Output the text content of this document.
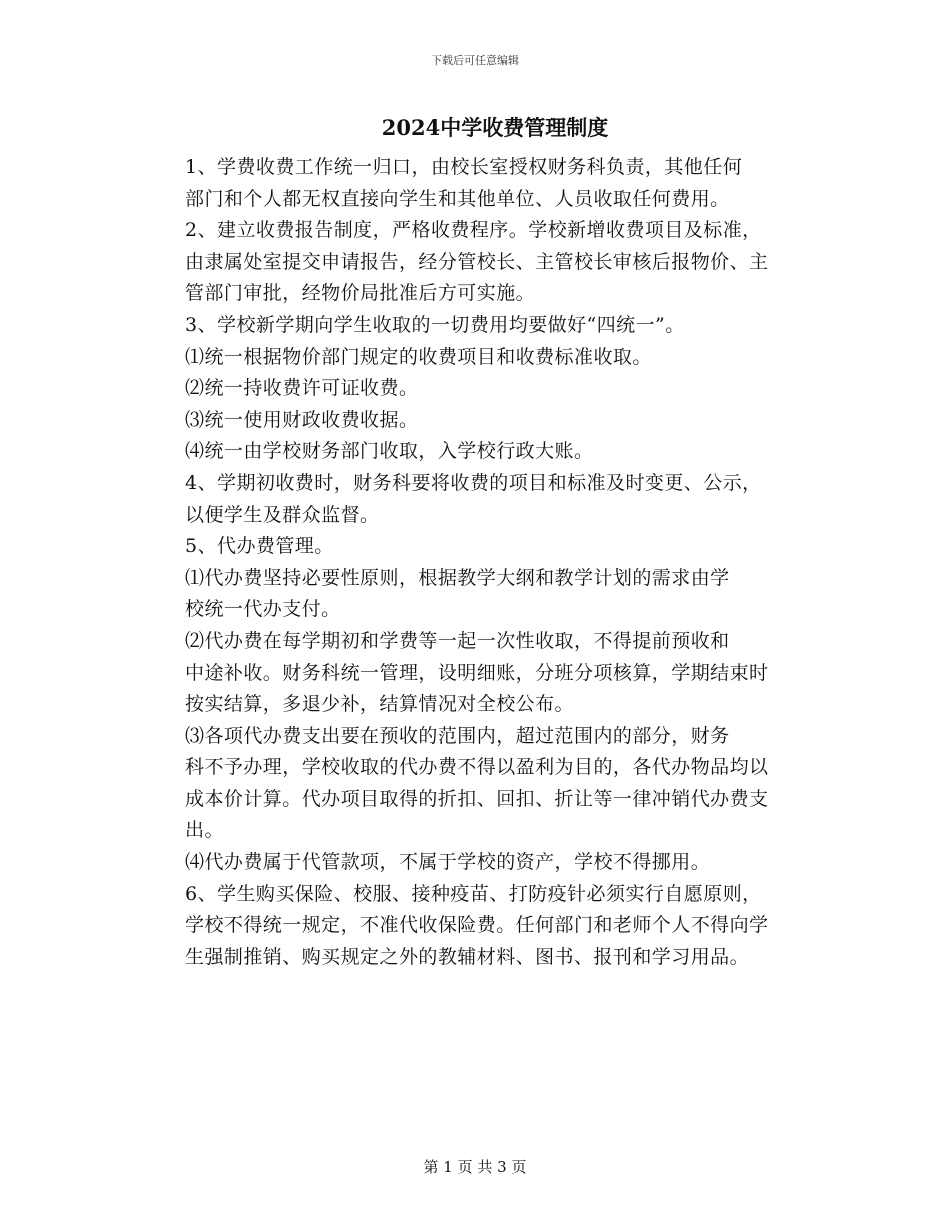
下载后可任意编辑
2024中学收费管理制度

1、学费收费工作统一归口，由校长室授权财务科负责，其他任何
部门和个人都无权直接向学生和其他单位、人员收取任何费用。

2、建立收费报告制度，严格收费程序。学校新增收费项目及标准，
由隶属处室提交申请报告，经分管校长、主管校长审核后报物价、主
管部门审批，经物价局批准后方可实施。

3、学校新学期向学生收取的一切费用均要做好“四统一”。

⑴统一根据物价部门规定的收费项目和收费标准收取。

⑵统一持收费许可证收费。

⑶统一使用财政收费收据。

⑷统一由学校财务部门收取，入学校行政大账。

4、学期初收费时，财务科要将收费的项目和标准及时变更、公示，
以便学生及群众监督。

5、代办费管理。

⑴代办费坚持必要性原则，根据教学大纲和教学计划的需求由学
校统一代办支付。

⑵代办费在每学期初和学费等一起一次性收取，不得提前预收和
中途补收。财务科统一管理，设明细账，分班分项核算，学期结束时
按实结算，多退少补，结算情况对全校公布。

⑶各项代办费支出要在预收的范围内，超过范围内的部分，财务
科不予办理，学校收取的代办费不得以盈利为目的，各代办物品均以
成本价计算。代办项目取得的折扣、回扣、折让等一律冲销代办费支
出。

⑷代办费属于代管款项，不属于学校的资产，学校不得挪用。

6、学生购买保险、校服、接种疫苗、打防疫针必须实行自愿原则，
学校不得统一规定，不准代收保险费。任何部门和老师个人不得向学
生强制推销、购买规定之外的教辅材料、图书、报刊和学习用品。

第 1 页 共 3 页
